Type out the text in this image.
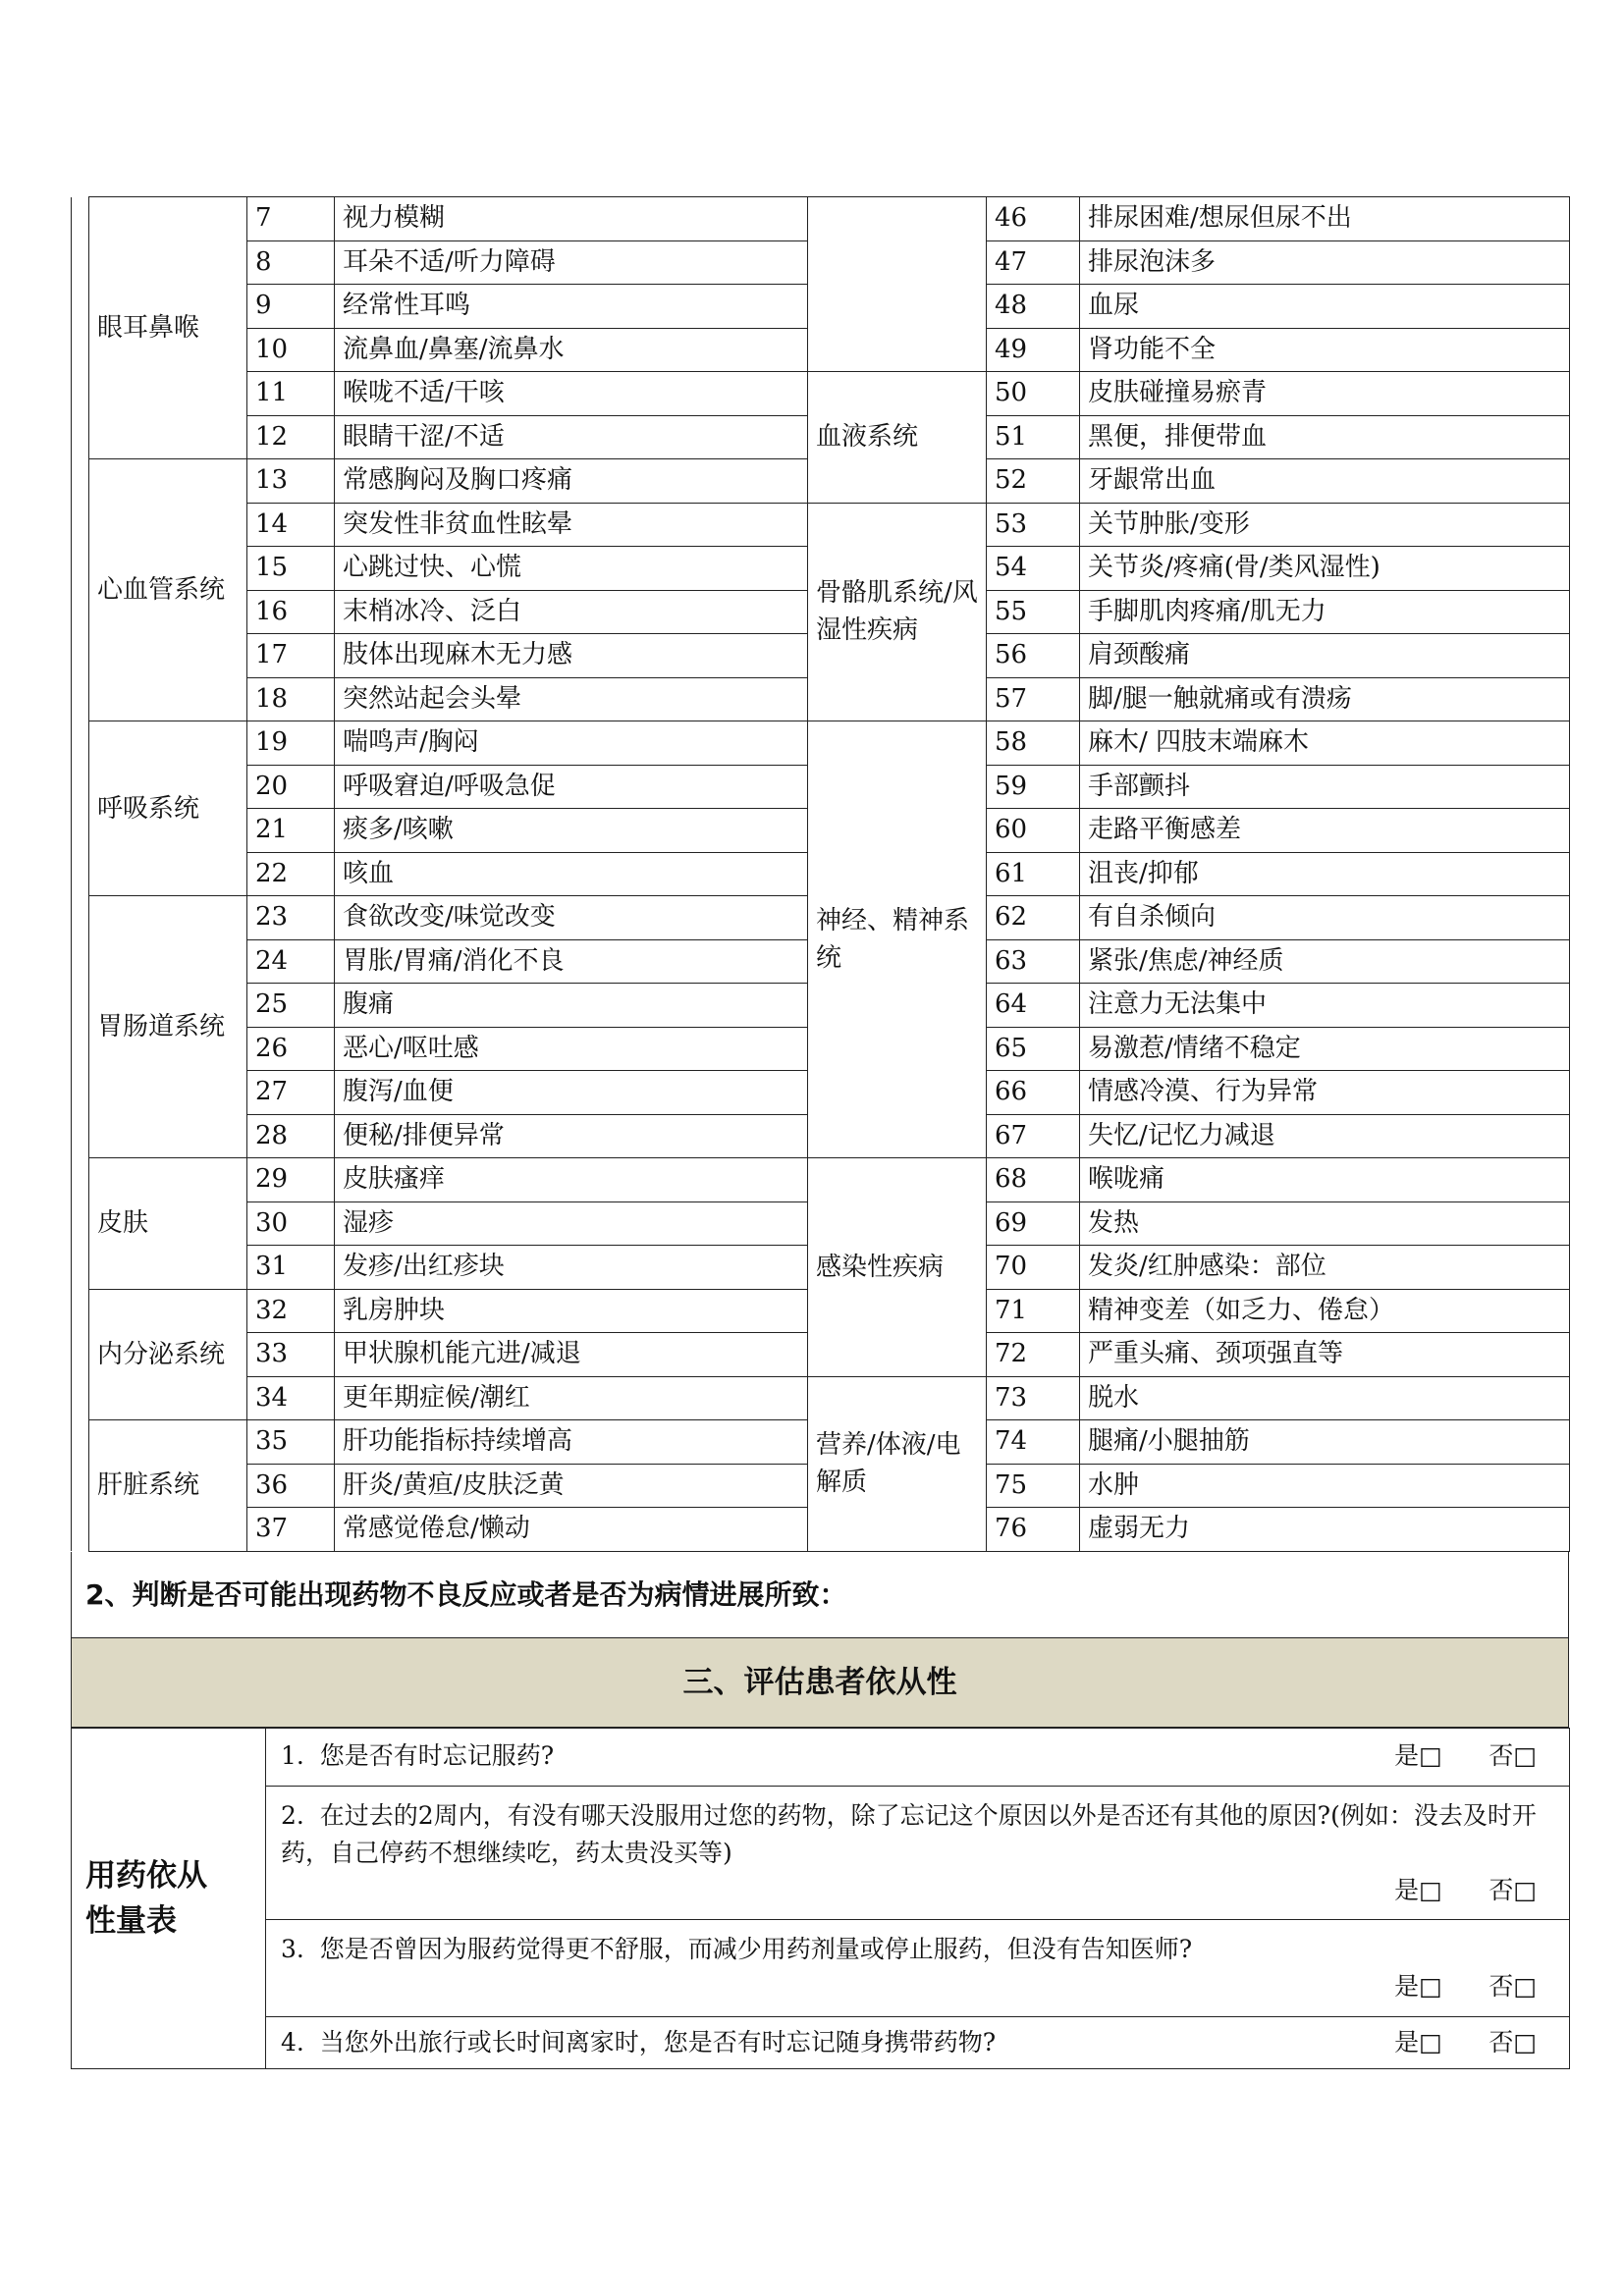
	眼耳鼻喉	7	视力模糊		46	排尿困难/想尿但尿不出
		8	耳朵不适/听力障碍		47	排尿泡沫多
		9	经常性耳鸣		48	血尿
		10	流鼻血/鼻塞/流鼻水		49	肾功能不全
		11	喉咙不适/干咳	血液系统	50	皮肤碰撞易瘀青
		12	眼睛干涩/不适		51	黑便，排便带血
	心血管系统	13	常感胸闷及胸口疼痛		52	牙龈常出血
		14	突发性非贫血性眩晕	骨骼肌系统/风湿性疾病	53	关节肿胀/变形
		15	心跳过快、心慌		54	关节炎/疼痛(骨/类风湿性)
		16	末梢冰冷、泛白		55	手脚肌肉疼痛/肌无力
		17	肢体出现麻木无力感		56	肩颈酸痛
		18	突然站起会头晕		57	脚/腿一触就痛或有溃疡
	呼吸系统	19	喘鸣声/胸闷	神经、精神系统	58	麻木/ 四肢末端麻木
		20	呼吸窘迫/呼吸急促		59	手部颤抖
		21	痰多/咳嗽		60	走路平衡感差
		22	咳血		61	沮丧/抑郁
	胃肠道系统	23	食欲改变/味觉改变		62	有自杀倾向
		24	胃胀/胃痛/消化不良		63	紧张/焦虑/神经质
		25	腹痛		64	注意力无法集中
		26	恶心/呕吐感		65	易激惹/情绪不稳定
		27	腹泻/血便		66	情感冷漠、行为异常
		28	便秘/排便异常		67	失忆/记忆力减退
	皮肤	29	皮肤瘙痒	感染性疾病	68	喉咙痛
		30	湿疹		69	发热
		31	发疹/出红疹块		70	发炎/红肿感染：部位
	内分泌系统	32	乳房肿块		71	精神变差（如乏力、倦怠）
		33	甲状腺机能亢进/减退		72	严重头痛、颈项强直等
		34	更年期症候/潮红	营养/体液/电解质	73	脱水
	肝脏系统	35	肝功能指标持续增高		74	腿痛/小腿抽筋
		36	肝炎/黄疸/皮肤泛黄		75	水肿
		37	常感觉倦怠/懒动		76	虚弱无力
2、判断是否可能出现药物不良反应或者是否为病情进展所致：
三、评估患者依从性
用药依从性量表

1. 您是否有时忘记服药?	是□ 否□

2. 在过去的2周内，有没有哪天没服用过您的药物，除了忘记这个原因以外是否还有其他的原因?(例如：没去及时开药，自己停药不想继续吃，药太贵没买等)
是□ 否□

3. 您是否曾因为服药觉得更不舒服，而减少用药剂量或停止服药，但没有告知医师?
是□ 否□

4. 当您外出旅行或长时间离家时，您是否有时忘记随身携带药物?	是□ 否□
